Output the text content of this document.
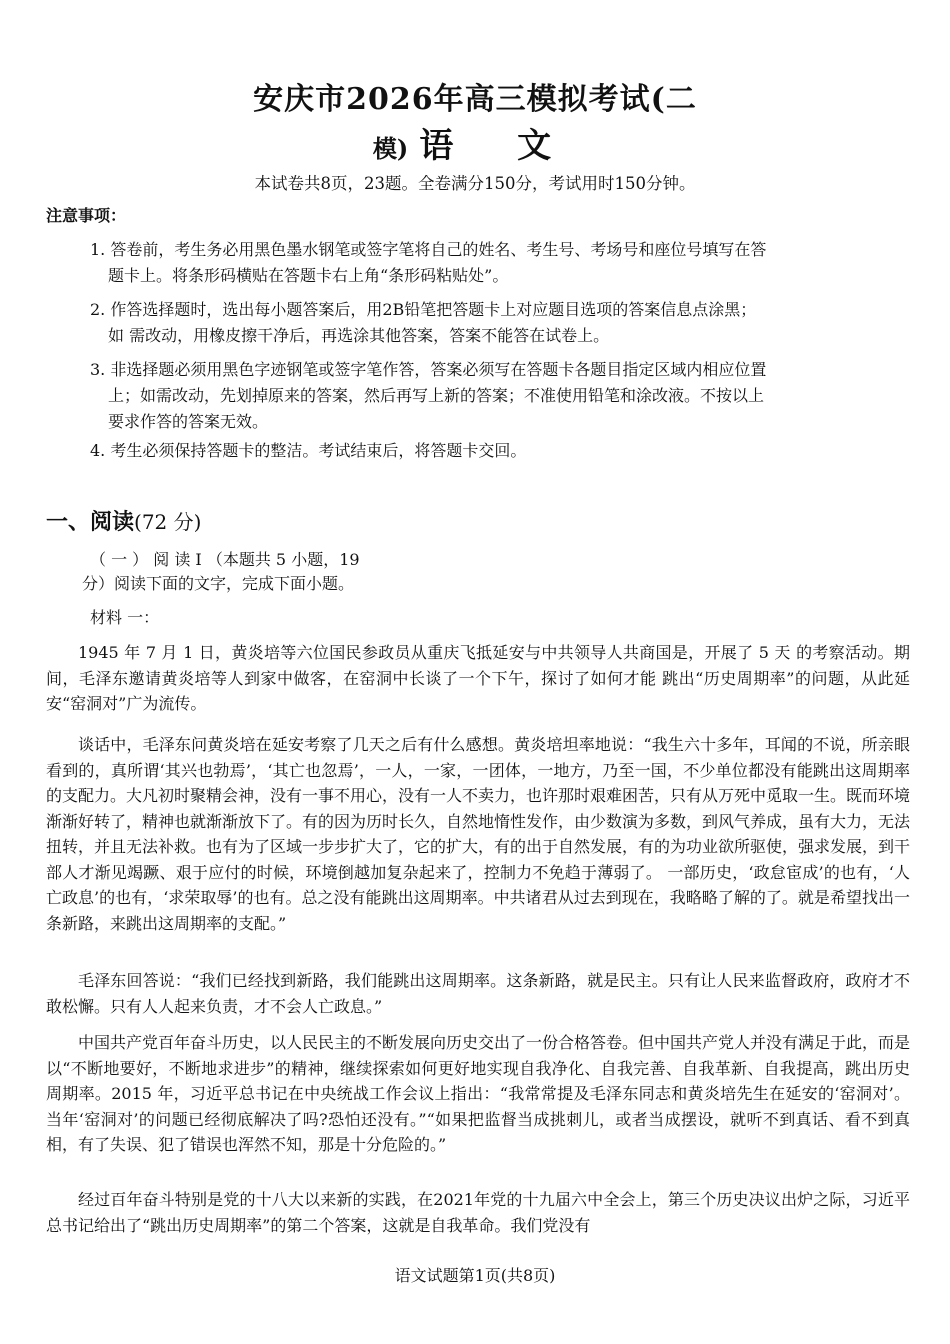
安庆市2026年高三模拟考试(二
模) 语 文
本试卷共8页，23题。全卷满分150分，考试用时150分钟。
注意事项：
1. 答卷前，考生务必用黑色墨水钢笔或签字笔将自己的姓名、考生号、考场号和座位号填写在答
题卡上。将条形码横贴在答题卡右上角“条形码粘贴处”。
2. 作答选择题时，选出每小题答案后，用2B铅笔把答题卡上对应题目选项的答案信息点涂黑；
如 需改动，用橡皮擦干净后，再选涂其他答案，答案不能答在试卷上。
3. 非选择题必须用黑色字迹钢笔或签字笔作答，答案必须写在答题卡各题目指定区域内相应位置
上；如需改动，先划掉原来的答案，然后再写上新的答案；不准使用铅笔和涂改液。不按以上
要求作答的答案无效。
4. 考生必须保持答题卡的整洁。考试结束后，将答题卡交回。
一、阅读(72 分)
（ 一 ） 阅 读 I （本题共 5 小题，19
分）阅读下面的文字，完成下面小题。
材料 一：
1945 年 7 月 1 日，黄炎培等六位国民参政员从重庆飞抵延安与中共领导人共商国是，开展了 5 天 的考察活动。期间，毛泽东邀请黄炎培等人到家中做客，在窑洞中长谈了一个下午，探讨了如何才能 跳出“历史周期率”的问题，从此延安“窑洞对”广为流传。
谈话中，毛泽东问黄炎培在延安考察了几天之后有什么感想。黄炎培坦率地说：“我生六十多年，耳闻的不说，所亲眼看到的，真所谓‘其兴也勃焉’，‘其亡也忽焉’，一人，一家，一团体，一地方，乃至一国，不少单位都没有能跳出这周期率的支配力。大凡初时聚精会神，没有一事不用心，没有一人不卖力，也许那时艰难困苦，只有从万死中觅取一生。既而环境渐渐好转了，精神也就渐渐放下了。有的因为历时长久，自然地惰性发作，由少数演为多数，到风气养成，虽有大力，无法扭转，并且无法补救。也有为了区域一步步扩大了，它的扩大，有的出于自然发展，有的为功业欲所驱使，强求发展，到干部人才渐见竭蹶、艰于应付的时候，环境倒越加复杂起来了，控制力不免趋于薄弱了。 一部历史，‘政怠宦成’的也有，‘人亡政息’的也有，‘求荣取辱’的也有。总之没有能跳出这周期率。中共诸君从过去到现在，我略略了解的了。就是希望找出一条新路，来跳出这周期率的支配。”
毛泽东回答说：“我们已经找到新路，我们能跳出这周期率。这条新路，就是民主。只有让人民来监督政府，政府才不敢松懈。只有人人起来负责，才不会人亡政息。”
中国共产党百年奋斗历史，以人民民主的不断发展向历史交出了一份合格答卷。但中国共产党人并没有满足于此，而是以“不断地要好，不断地求进步”的精神，继续探索如何更好地实现自我净化、自我完善、自我革新、自我提高，跳出历史周期率。2015 年，习近平总书记在中央统战工作会议上指出：“我常常提及毛泽东同志和黄炎培先生在延安的‘窑洞对’。当年‘窑洞对’的问题已经彻底解决了吗?恐怕还没有。”“如果把监督当成挑刺儿，或者当成摆设，就听不到真话、看不到真相，有了失误、犯了错误也浑然不知，那是十分危险的。”
经过百年奋斗特别是党的十八大以来新的实践，在2021年党的十九届六中全会上，第三个历史决议出炉之际，习近平总书记给出了“跳出历史周期率”的第二个答案，这就是自我革命。我们党没有
语文试题第1页(共8页)
